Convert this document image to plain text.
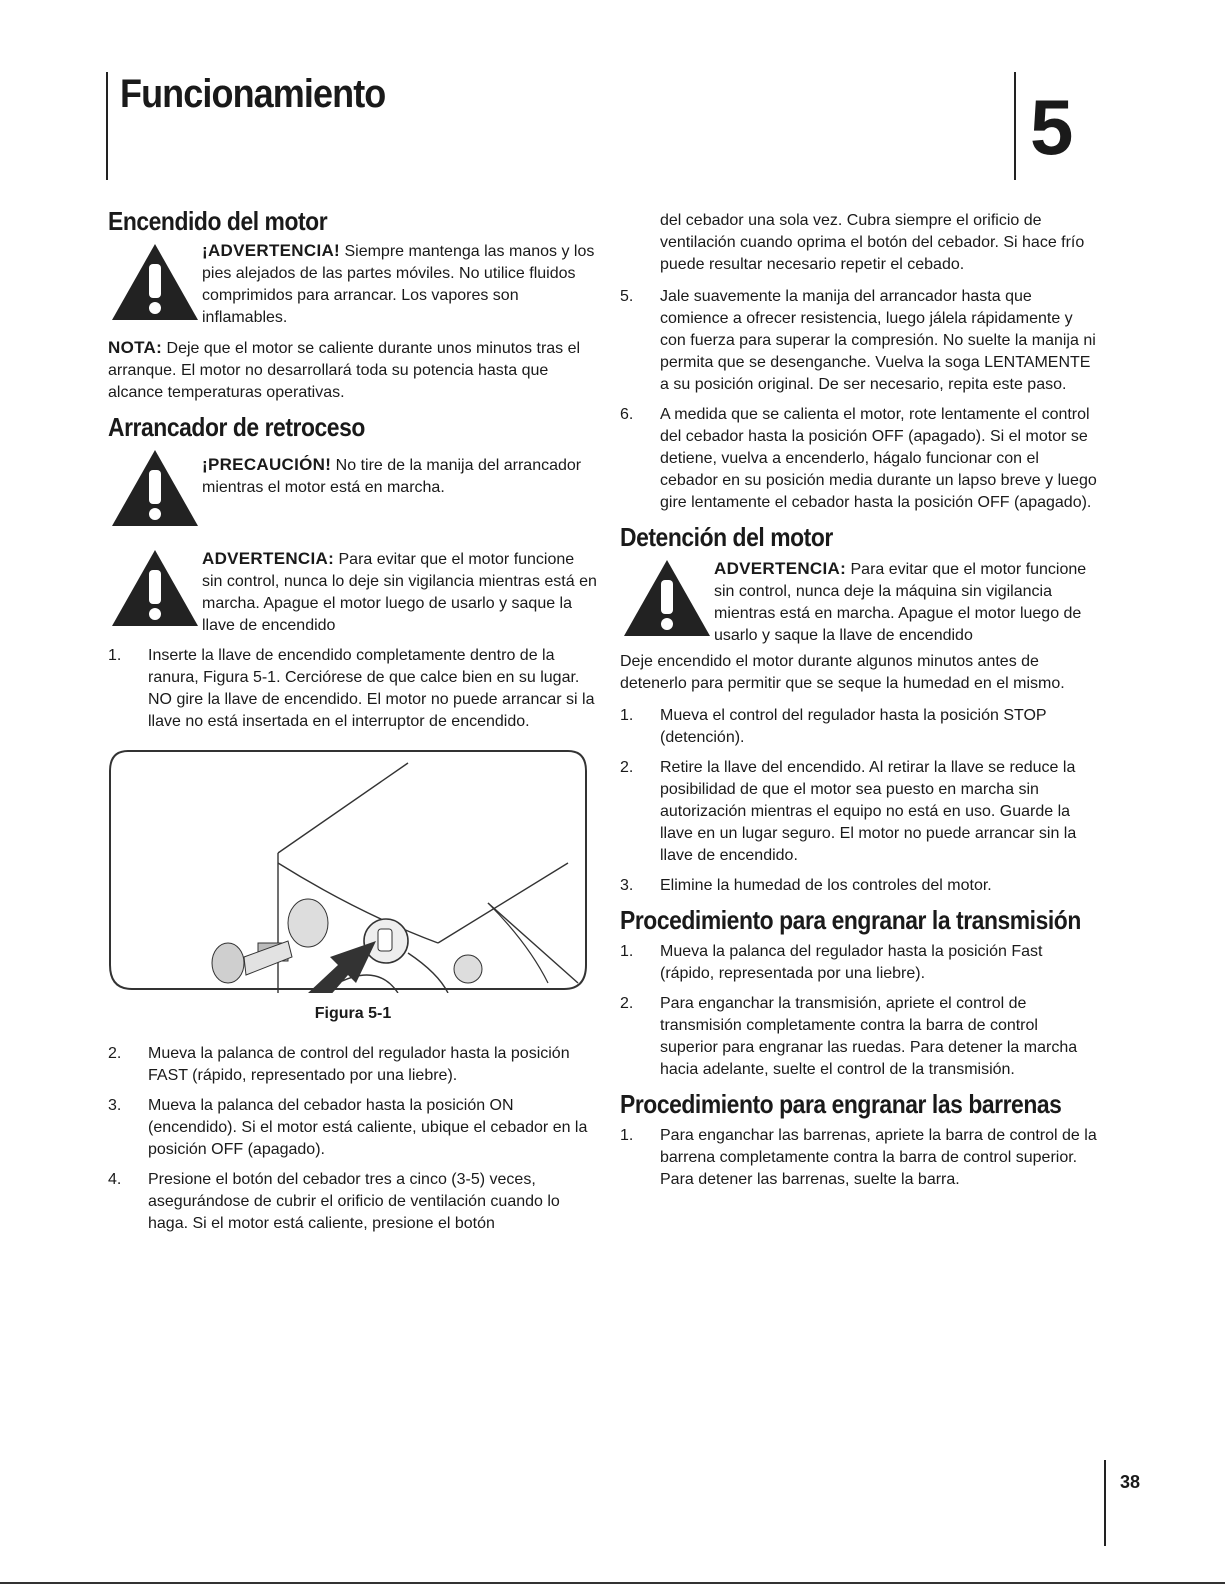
Funcionamiento	5
Encendido del motor

¡ADVERTENCIA! Siempre mantenga las manos y los pies alejados de las partes móviles. No utilice fluidos comprimidos para arrancar. Los vapores son inflamables.

NOTA: Deje que el motor se caliente durante unos minutos tras el arranque. El motor no desarrollará toda su potencia hasta que alcance temperaturas operativas.

Arrancador de retroceso

¡PRECAUCIÓN! No tire de la manija del arrancador mientras el motor está en marcha.

ADVERTENCIA: Para evitar que el motor funcione sin control, nunca lo deje sin vigilancia mientras está en marcha. Apague el motor luego de usarlo y saque la llave de encendido

1.	Inserte la llave de encendido completamente dentro de la ranura, Figura 5-1. Cerciórese de que calce bien en su lugar. NO gire la llave de encendido. El motor no puede arrancar si la llave no está insertada en el interruptor de encendido.

Figura 5-1

2.	Mueva la palanca de control del regulador hasta la posición FAST (rápido, representado por una liebre).
3.	Mueva la palanca del cebador hasta la posición ON (encendido). Si el motor está caliente, ubique el cebador en la posición OFF (apagado).
4.	Presione el botón del cebador tres a cinco (3-5) veces, asegurándose de cubrir el orificio de ventilación cuando lo haga. Si el motor está caliente, presione el botón

del cebador una sola vez. Cubra siempre el orificio de ventilación cuando oprima el botón del cebador. Si hace frío puede resultar necesario repetir el cebado.

5.	Jale suavemente la manija del arrancador hasta que comience a ofrecer resistencia, luego jálela rápidamente y con fuerza para superar la compresión. No suelte la manija ni permita que se desenganche. Vuelva la soga LENTAMENTE a su posición original. De ser necesario, repita este paso.
6.	A medida que se calienta el motor, rote lentamente el control del cebador hasta la posición OFF (apagado). Si el motor se detiene, vuelva a encenderlo, hágalo funcionar con el cebador en su posición media durante un lapso breve y luego gire lentamente el cebador hasta la posición OFF (apagado).
Detención del motor

ADVERTENCIA: Para evitar que el motor funcione sin control, nunca deje la máquina sin vigilancia mientras está en marcha. Apague el motor luego de usarlo y saque la llave de encendido

Deje encendido el motor durante algunos minutos antes de detenerlo para permitir que se seque la humedad en el mismo.

1.	Mueva el control del regulador hasta la posición STOP (detención).
2.	Retire la llave del encendido. Al retirar la llave se reduce la posibilidad de que el motor sea puesto en marcha sin autorización mientras el equipo no está en uso. Guarde la llave en un lugar seguro. El motor no puede arrancar sin la llave de encendido.
3.	Elimine la humedad de los controles del motor.
Procedimiento para engranar la transmisión
1.	Mueva la palanca del regulador hasta la posición Fast (rápido, representada por una liebre).
2.	Para enganchar la transmisión, apriete el control de transmisión completamente contra la barra de control superior para engranar las ruedas. Para detener la marcha hacia adelante, suelte el control de la transmisión.
Procedimiento para engranar las barrenas
1.	Para enganchar las barrenas, apriete la barra de control de la barrena completamente contra la barra de control superior. Para detener las barrenas, suelte la barra.
38
